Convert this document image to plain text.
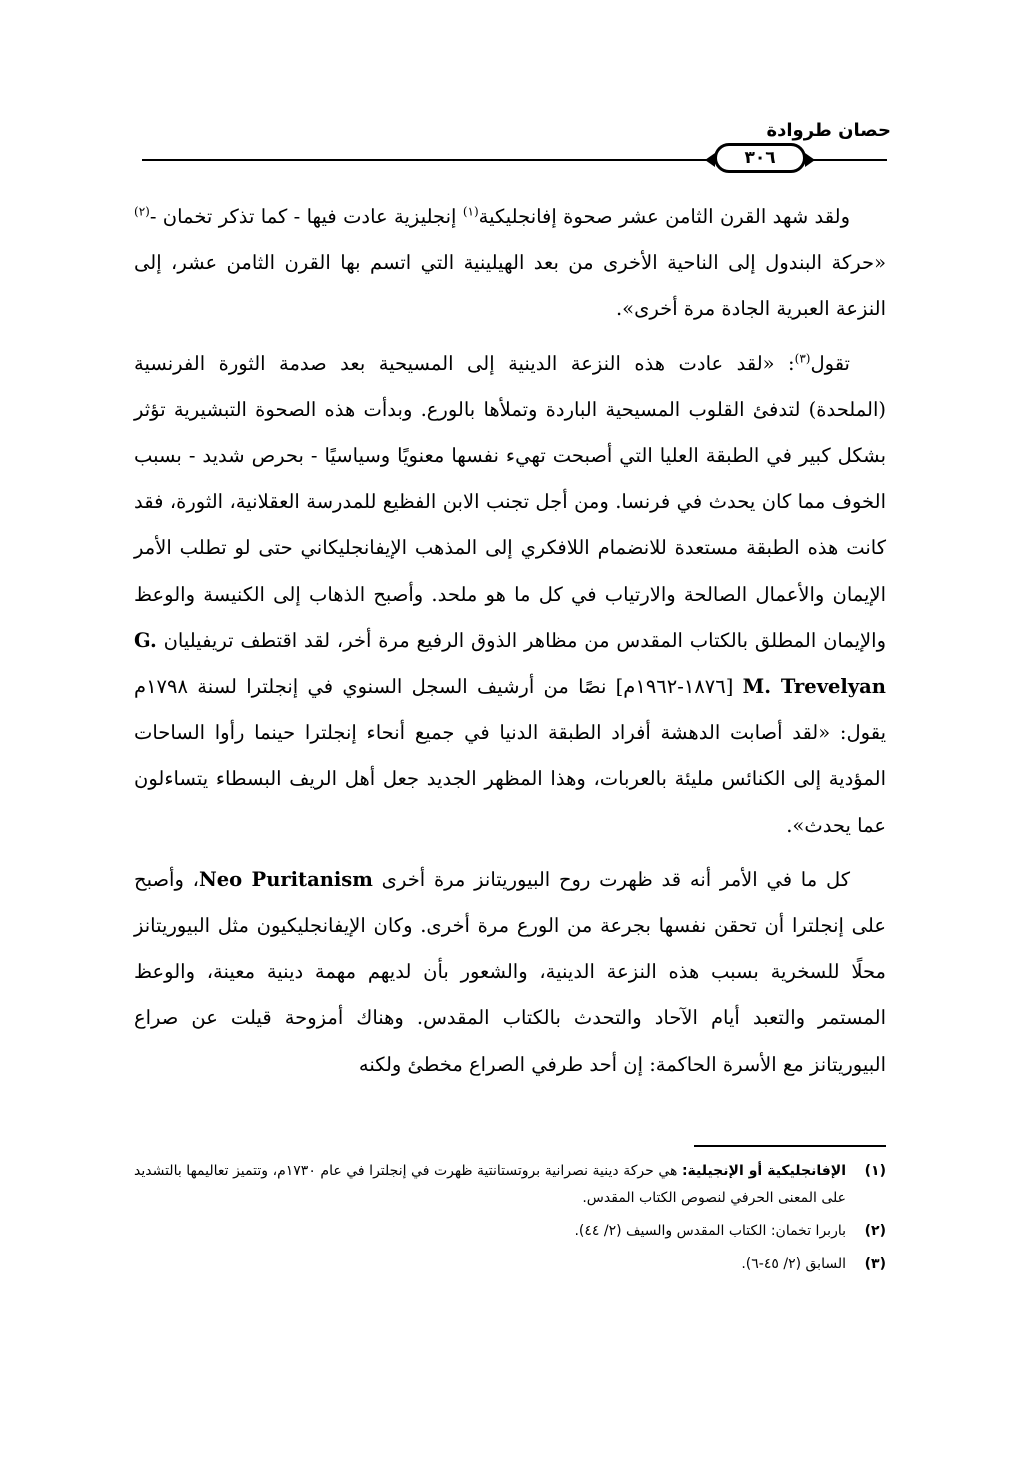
حصان طروادة
٣٠٦

ولقد شهد القرن الثامن عشر صحوة إفانجليكية$^{(١)}$ إنجليزية عادت فيها - كما تذكر تخمان -$^{(٢)}$ «حركة البندول إلى الناحية الأخرى من بعد الهيلينية التي اتسم بها القرن الثامن عشر، إلى النزعة العبرية الجادة مرة أخرى».

تقول$^{(٣)}$: «لقد عادت هذه النزعة الدينية إلى المسيحية بعد صدمة الثورة الفرنسية (الملحدة) لتدفئ القلوب المسيحية الباردة وتملأها بالورع. وبدأت هذه الصحوة التبشيرية تؤثر بشكل كبير في الطبقة العليا التي أصبحت تهيء نفسها معنويًا وسياسيًا - بحرص شديد - بسبب الخوف مما كان يحدث في فرنسا. ومن أجل تجنب الابن الفظيع للمدرسة العقلانية، الثورة، فقد كانت هذه الطبقة مستعدة للانضمام اللافكري إلى المذهب الإيفانجليكاني حتى لو تطلب الأمر الإيمان والأعمال الصالحة والارتياب في كل ما هو ملحد. وأصبح الذهاب إلى الكنيسة والوعظ والإيمان المطلق بالكتاب المقدس من مظاهر الذوق الرفيع مرة أخر، لقد اقتطف تريفيليان G. M. Trevelyan [١٨٧٦-١٩٦٢م] نصًا من أرشيف السجل السنوي في إنجلترا لسنة ١٧٩٨م يقول: «لقد أصابت الدهشة أفراد الطبقة الدنيا في جميع أنحاء إنجلترا حينما رأوا الساحات المؤدية إلى الكنائس مليئة بالعربات، وهذا المظهر الجديد جعل أهل الريف البسطاء يتساءلون عما يحدث».

كل ما في الأمر أنه قد ظهرت روح البيوريتانز مرة أخرى Neo Puritanism، وأصبح على إنجلترا أن تحقن نفسها بجرعة من الورع مرة أخرى. وكان الإيفانجليكيون مثل البيوريتانز محلًا للسخرية بسبب هذه النزعة الدينية، والشعور بأن لديهم مهمة دينية معينة، والوعظ المستمر والتعبد أيام الآحاد والتحدث بالكتاب المقدس. وهناك أمزوحة قيلت عن صراع البيوريتانز مع الأسرة الحاكمة: إن أحد طرفي الصراع مخطئ ولكنه

(١)
الإفانجليكية أو الإنجيلية: هي حركة دينية نصرانية بروتستانتية ظهرت في إنجلترا في عام ١٧٣٠م، وتتميز تعاليمها بالتشديد على المعنى الحرفي لنصوص الكتاب المقدس.
(٢)
باربرا تخمان: الكتاب المقدس والسيف (٢/ ٤٤).
(٣)
السابق (٢/ ٤٥-٦).
